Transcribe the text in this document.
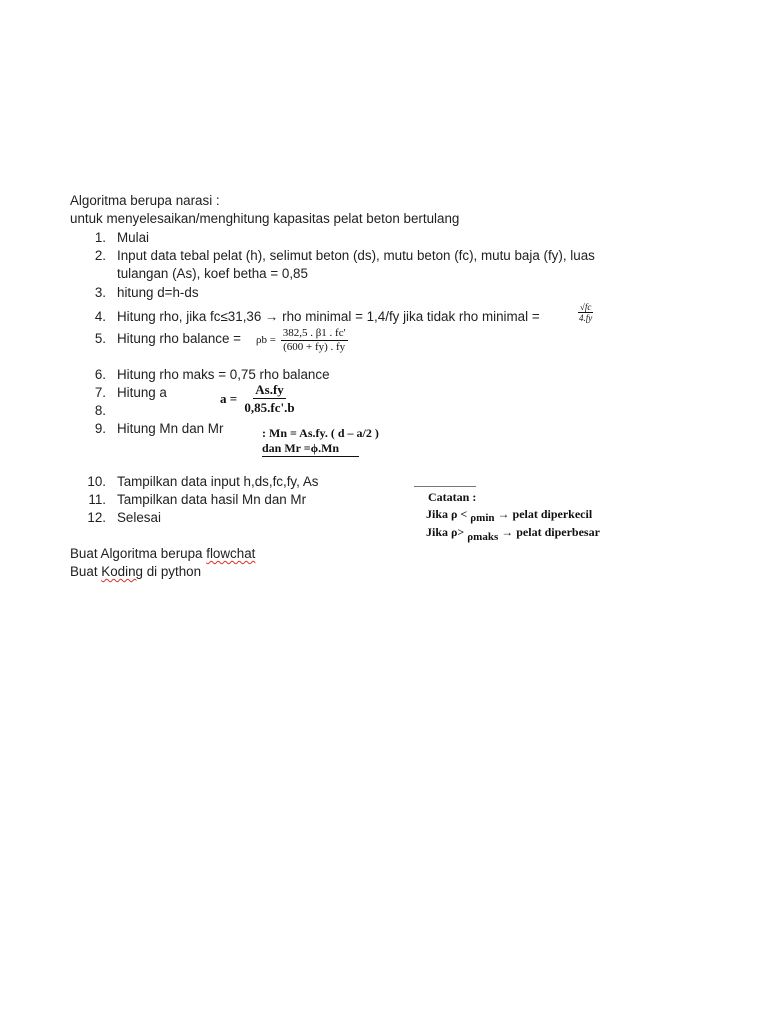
Algoritma berupa narasi :
untuk menyelesaikan/menghitung kapasitas pelat beton bertulang
1. Mulai
2. Input data tebal pelat (h), selimut beton (ds), mutu beton (fc), mutu baja (fy), luas
tulangan (As), koef betha = 0,85
3. hitung d=h-ds
4. Hitung rho, jika fc≤31,36 → rho minimal = 1,4/fy jika tidak rho minimal =
5. Hitung rho balance =
6. Hitung rho maks = 0,75 rho balance
7. Hitung a
8.
9. Hitung Mn dan Mr
10. Tampilkan data input h,ds,fc,fy, As
11. Tampilkan data hasil Mn dan Mr
12. Selesai
$\frac{√fc}{4.fy}$
$\rho b = \frac{382,5 . \beta 1 . fc'}{(600 + fy) . fy}$
$a = \frac{As.fy}{0,85.fc'.b}$
: Mn = As.fy. ( d – a/2 )
dan Mr =ϕ.Mn
Catatan :
Jika ρ < ρmin → pelat diperkecil
Jika ρ> ρmaks → pelat diperbesar
Buat Algoritma berupa flowchat
Buat Koding di python
